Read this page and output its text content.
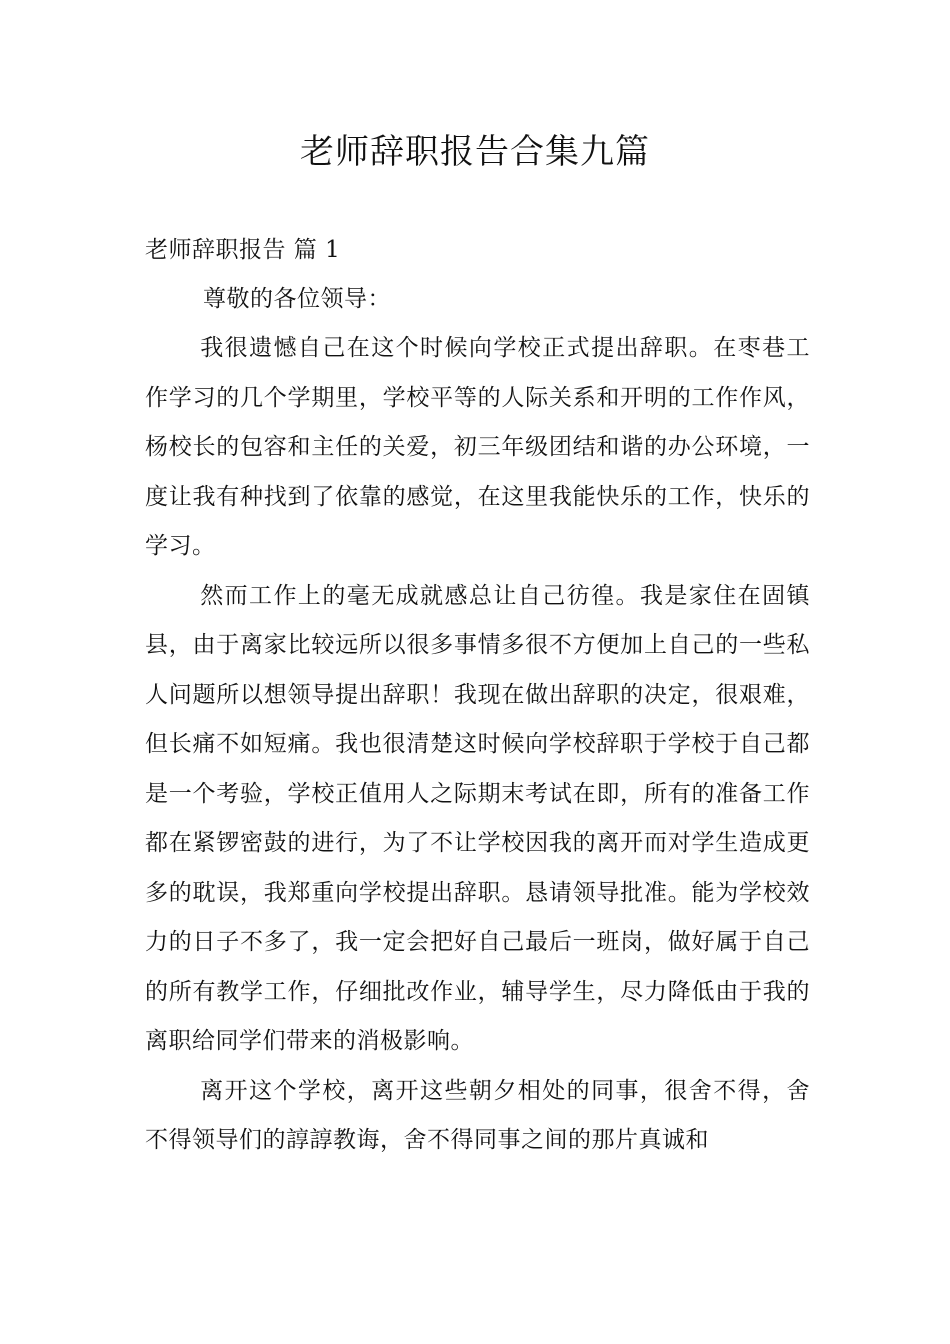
老师辞职报告合集九篇
老师辞职报告 篇 1

尊敬的各位领导：

我很遗憾自己在这个时候向学校正式提出辞职。在枣巷工作学习的几个学期里，学校平等的人际关系和开明的工作作风，杨校长的包容和主任的关爱，初三年级团结和谐的办公环境，一度让我有种找到了依靠的感觉，在这里我能快乐的工作，快乐的学习。

然而工作上的毫无成就感总让自己彷徨。我是家住在固镇县，由于离家比较远所以很多事情多很不方便加上自己的一些私人问题所以想领导提出辞职！我现在做出辞职的决定，很艰难，但长痛不如短痛。我也很清楚这时候向学校辞职于学校于自己都是一个考验，学校正值用人之际期末考试在即，所有的准备工作都在紧锣密鼓的进行，为了不让学校因我的离开而对学生造成更多的耽误，我郑重向学校提出辞职。恳请领导批准。能为学校效力的日子不多了，我一定会把好自己最后一班岗，做好属于自己的所有教学工作，仔细批改作业，辅导学生，尽力降低由于我的离职给同学们带来的消极影响。

离开这个学校，离开这些朝夕相处的同事，很舍不得，舍不得领导们的諄諄教诲，舍不得同事之间的那片真诚和
